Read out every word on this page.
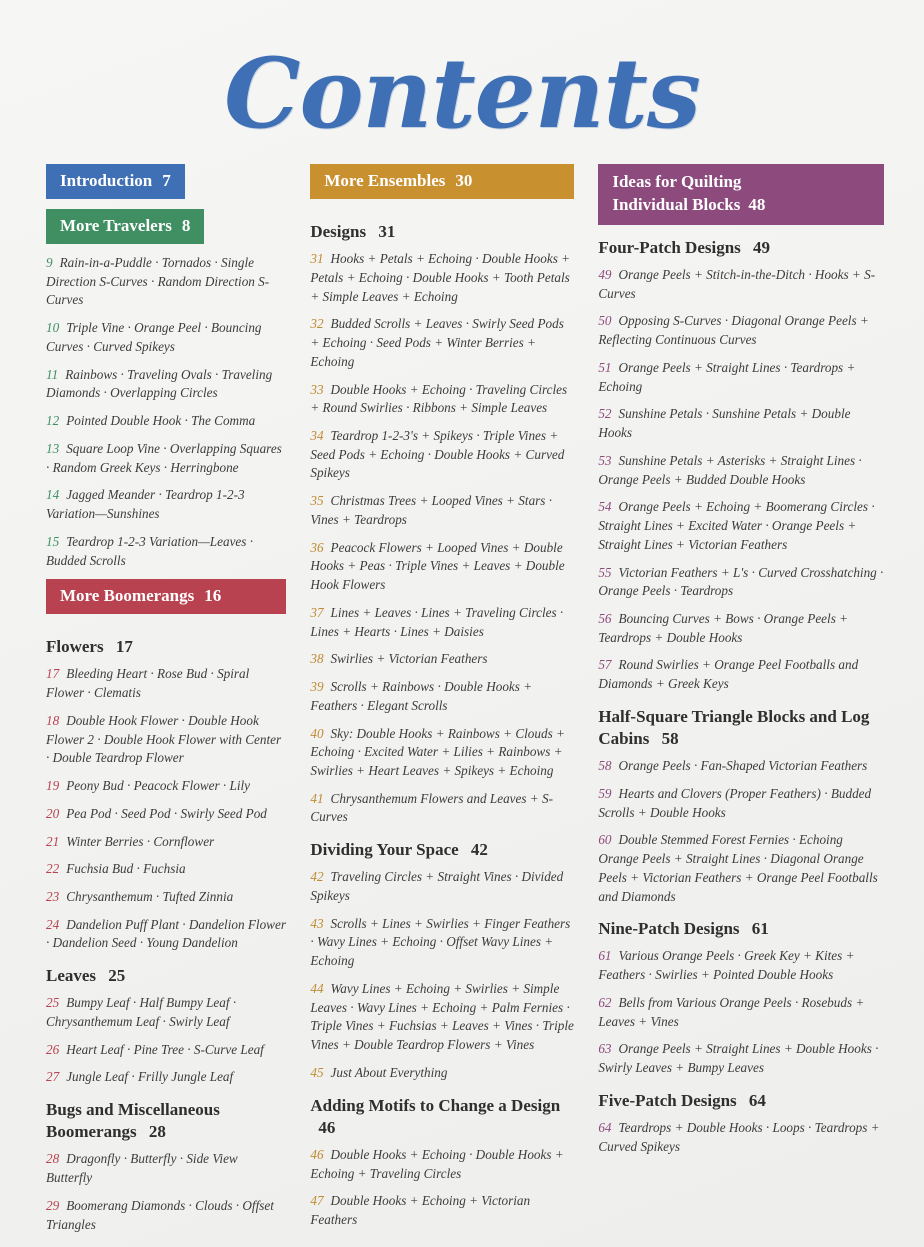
Contents
Introduction 7

More Travelers 8
9 Rain-in-a-Puddle · Tornados · Single Direction S-Curves · Random Direction S-Curves
10 Triple Vine · Orange Peel · Bouncing Curves · Curved Spikeys
11 Rainbows · Traveling Ovals · Traveling Diamonds · Overlapping Circles
12 Pointed Double Hook · The Comma
13 Square Loop Vine · Overlapping Squares · Random Greek Keys · Herringbone
14 Jagged Meander · Teardrop 1-2-3 Variation—Sunshines
15 Teardrop 1-2-3 Variation—Leaves · Budded Scrolls
More Boomerangs 16
Flowers 17
17 Bleeding Heart · Rose Bud · Spiral Flower · Clematis
18 Double Hook Flower · Double Hook Flower 2 · Double Hook Flower with Center · Double Teardrop Flower
19 Peony Bud · Peacock Flower · Lily
20 Pea Pod · Seed Pod · Swirly Seed Pod
21 Winter Berries · Cornflower
22 Fuchsia Bud · Fuchsia
23 Chrysanthemum · Tufted Zinnia
24 Dandelion Puff Plant · Dandelion Flower · Dandelion Seed · Young Dandelion
Leaves 25
25 Bumpy Leaf · Half Bumpy Leaf · Chrysanthemum Leaf · Swirly Leaf
26 Heart Leaf · Pine Tree · S-Curve Leaf
27 Jungle Leaf · Frilly Jungle Leaf
Bugs and Miscellaneous Boomerangs 28
28 Dragonfly · Butterfly · Side View Butterfly
29 Boomerang Diamonds · Clouds · Offset Triangles
More Ensembles 30
Designs 31
31 Hooks + Petals + Echoing · Double Hooks + Petals + Echoing · Double Hooks + Tooth Petals + Simple Leaves + Echoing
32 Budded Scrolls + Leaves · Swirly Seed Pods + Echoing · Seed Pods + Winter Berries + Echoing
33 Double Hooks + Echoing · Traveling Circles + Round Swirlies · Ribbons + Simple Leaves
34 Teardrop 1-2-3's + Spikeys · Triple Vines + Seed Pods + Echoing · Double Hooks + Curved Spikeys
35 Christmas Trees + Looped Vines + Stars · Vines + Teardrops
36 Peacock Flowers + Looped Vines + Double Hooks + Peas · Triple Vines + Leaves + Double Hook Flowers
37 Lines + Leaves · Lines + Traveling Circles · Lines + Hearts · Lines + Daisies
38 Swirlies + Victorian Feathers
39 Scrolls + Rainbows · Double Hooks + Feathers · Elegant Scrolls
40 Sky: Double Hooks + Rainbows + Clouds + Echoing · Excited Water + Lilies + Rainbows + Swirlies + Heart Leaves + Spikeys + Echoing
41 Chrysanthemum Flowers and Leaves + S-Curves
Dividing Your Space 42
42 Traveling Circles + Straight Vines · Divided Spikeys
43 Scrolls + Lines + Swirlies + Finger Feathers · Wavy Lines + Echoing · Offset Wavy Lines + Echoing
44 Wavy Lines + Echoing + Swirlies + Simple Leaves · Wavy Lines + Echoing + Palm Fernies · Triple Vines + Fuchsias + Leaves + Vines · Triple Vines + Double Teardrop Flowers + Vines
45 Just About Everything
Adding Motifs to Change a Design 46
46 Double Hooks + Echoing · Double Hooks + Echoing + Traveling Circles
47 Double Hooks + Echoing + Victorian Feathers
Ideas for Quilting
Individual Blocks 48
Four-Patch Designs 49
49 Orange Peels + Stitch-in-the-Ditch · Hooks + S-Curves
50 Opposing S-Curves · Diagonal Orange Peels + Reflecting Continuous Curves
51 Orange Peels + Straight Lines · Teardrops + Echoing
52 Sunshine Petals · Sunshine Petals + Double Hooks
53 Sunshine Petals + Asterisks + Straight Lines · Orange Peels + Budded Double Hooks
54 Orange Peels + Echoing + Boomerang Circles · Straight Lines + Excited Water · Orange Peels + Straight Lines + Victorian Feathers
55 Victorian Feathers + L's · Curved Crosshatching · Orange Peels · Teardrops
56 Bouncing Curves + Bows · Orange Peels + Teardrops + Double Hooks
57 Round Swirlies + Orange Peel Footballs and Diamonds + Greek Keys
Half-Square Triangle Blocks and Log Cabins 58
58 Orange Peels · Fan-Shaped Victorian Feathers
59 Hearts and Clovers (Proper Feathers) · Budded Scrolls + Double Hooks
60 Double Stemmed Forest Fernies · Echoing Orange Peels + Straight Lines · Diagonal Orange Peels + Victorian Feathers + Orange Peel Footballs and Diamonds
Nine-Patch Designs 61
61 Various Orange Peels · Greek Key + Kites + Feathers · Swirlies + Pointed Double Hooks
62 Bells from Various Orange Peels · Rosebuds + Leaves + Vines
63 Orange Peels + Straight Lines + Double Hooks · Swirly Leaves + Bumpy Leaves
Five-Patch Designs 64
64 Teardrops + Double Hooks · Loops · Teardrops + Curved Spikeys
